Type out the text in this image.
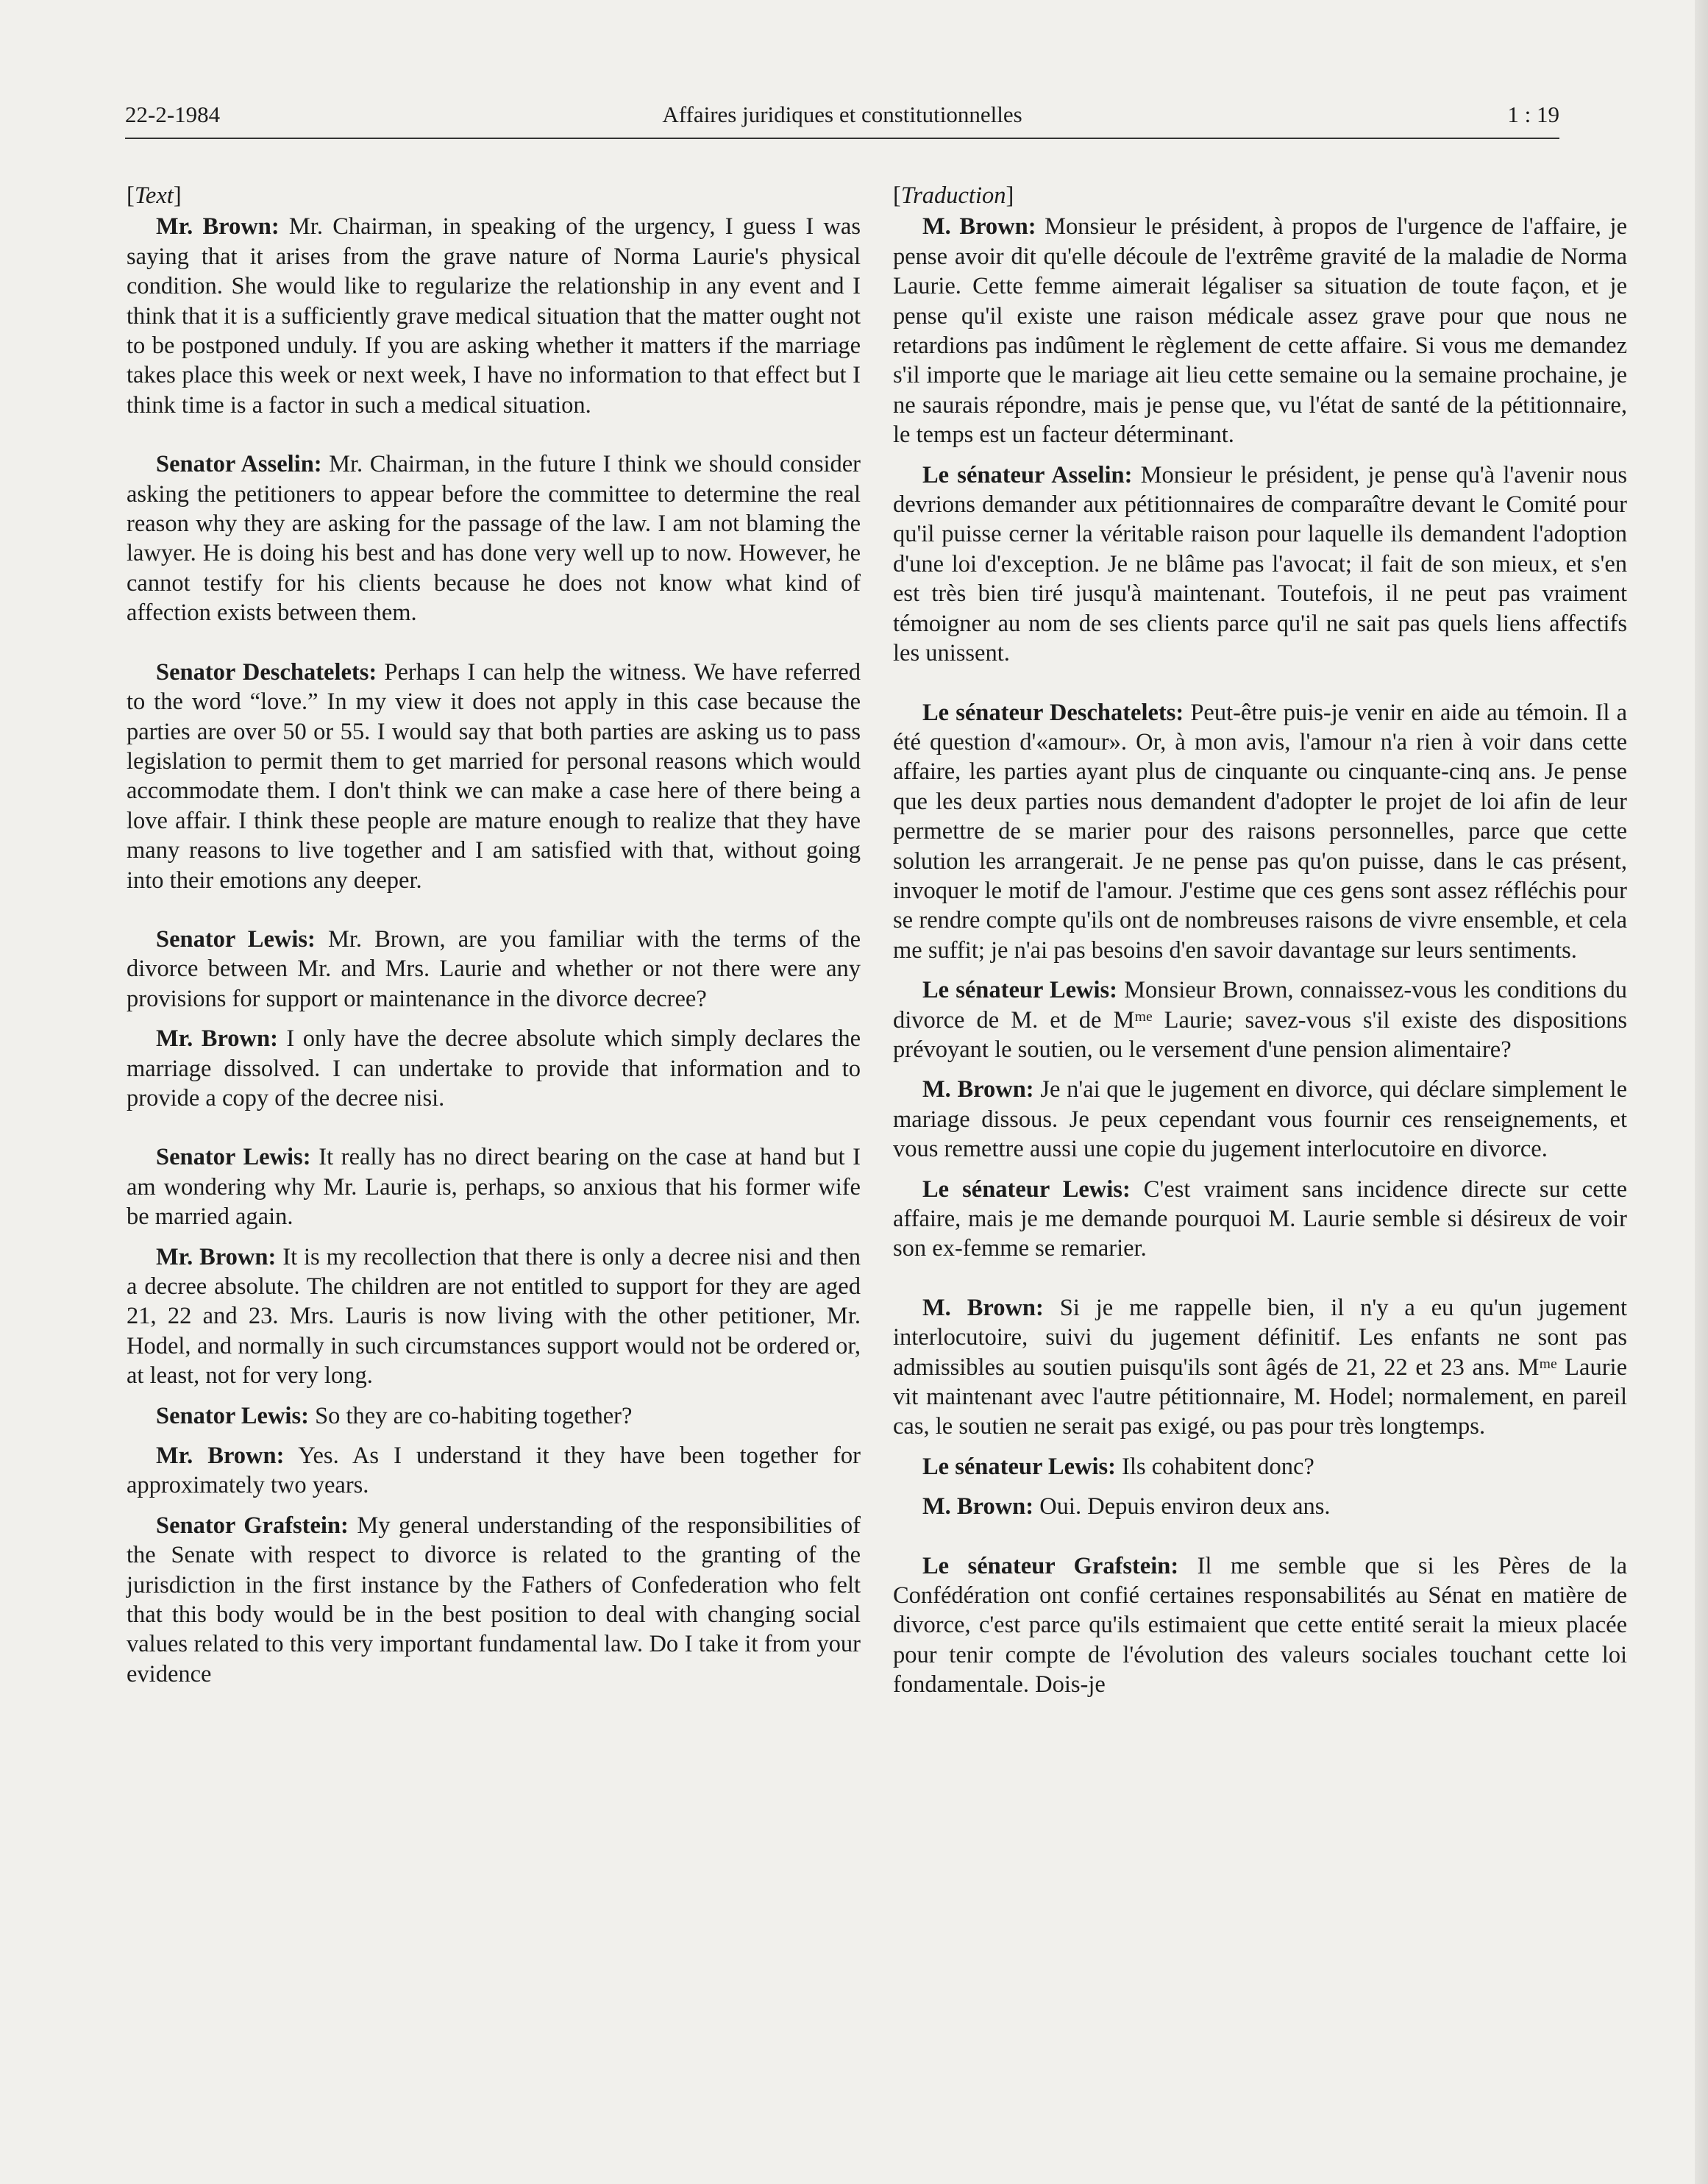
22-2-1984	Affaires juridiques et constitutionnelles	1 : 19
[Text]

Mr. Brown: Mr. Chairman, in speaking of the urgency, I guess I was saying that it arises from the grave nature of Norma Laurie's physical condition. She would like to regularize the relationship in any event and I think that it is a sufficiently grave medical situation that the matter ought not to be postponed unduly. If you are asking whether it matters if the marriage takes place this week or next week, I have no information to that effect but I think time is a factor in such a medical situation.

Senator Asselin: Mr. Chairman, in the future I think we should consider asking the petitioners to appear before the committee to determine the real reason why they are asking for the passage of the law. I am not blaming the lawyer. He is doing his best and has done very well up to now. However, he cannot testify for his clients because he does not know what kind of affection exists between them.

Senator Deschatelets: Perhaps I can help the witness. We have referred to the word “love.” In my view it does not apply in this case because the parties are over 50 or 55. I would say that both parties are asking us to pass legislation to permit them to get married for personal reasons which would accommodate them. I don't think we can make a case here of there being a love affair. I think these people are mature enough to realize that they have many reasons to live together and I am satisfied with that, without going into their emotions any deeper.

Senator Lewis: Mr. Brown, are you familiar with the terms of the divorce between Mr. and Mrs. Laurie and whether or not there were any provisions for support or maintenance in the divorce decree?

Mr. Brown: I only have the decree absolute which simply declares the marriage dissolved. I can undertake to provide that information and to provide a copy of the decree nisi.

Senator Lewis: It really has no direct bearing on the case at hand but I am wondering why Mr. Laurie is, perhaps, so anxious that his former wife be married again.

Mr. Brown: It is my recollection that there is only a decree nisi and then a decree absolute. The children are not entitled to support for they are aged 21, 22 and 23. Mrs. Lauris is now living with the other petitioner, Mr. Hodel, and normally in such circumstances support would not be ordered or, at least, not for very long.

Senator Lewis: So they are co-habiting together?

Mr. Brown: Yes. As I understand it they have been together for approximately two years.

Senator Grafstein: My general understanding of the responsibilities of the Senate with respect to divorce is related to the granting of the jurisdiction in the first instance by the Fathers of Confederation who felt that this body would be in the best position to deal with changing social values related to this very important fundamental law. Do I take it from your evidence

[Traduction]

M. Brown: Monsieur le président, à propos de l'urgence de l'affaire, je pense avoir dit qu'elle découle de l'extrême gravité de la maladie de Norma Laurie. Cette femme aimerait légaliser sa situation de toute façon, et je pense qu'il existe une raison médicale assez grave pour que nous ne retardions pas indûment le règlement de cette affaire. Si vous me demandez s'il importe que le mariage ait lieu cette semaine ou la semaine prochaine, je ne saurais répondre, mais je pense que, vu l'état de santé de la pétitionnaire, le temps est un facteur déterminant.

Le sénateur Asselin: Monsieur le président, je pense qu'à l'avenir nous devrions demander aux pétitionnaires de comparaître devant le Comité pour qu'il puisse cerner la véritable raison pour laquelle ils demandent l'adoption d'une loi d'exception. Je ne blâme pas l'avocat; il fait de son mieux, et s'en est très bien tiré jusqu'à maintenant. Toutefois, il ne peut pas vraiment témoigner au nom de ses clients parce qu'il ne sait pas quels liens affectifs les unissent.

Le sénateur Deschatelets: Peut-être puis-je venir en aide au témoin. Il a été question d'«amour». Or, à mon avis, l'amour n'a rien à voir dans cette affaire, les parties ayant plus de cinquante ou cinquante-cinq ans. Je pense que les deux parties nous demandent d'adopter le projet de loi afin de leur permettre de se marier pour des raisons personnelles, parce que cette solution les arrangerait. Je ne pense pas qu'on puisse, dans le cas présent, invoquer le motif de l'amour. J'estime que ces gens sont assez réfléchis pour se rendre compte qu'ils ont de nombreuses raisons de vivre ensemble, et cela me suffit; je n'ai pas besoins d'en savoir davantage sur leurs sentiments.

Le sénateur Lewis: Monsieur Brown, connaissez-vous les conditions du divorce de M. et de Mᵐᵉ Laurie; savez-vous s'il existe des dispositions prévoyant le soutien, ou le versement d'une pension alimentaire?

M. Brown: Je n'ai que le jugement en divorce, qui déclare simplement le mariage dissous. Je peux cependant vous fournir ces renseignements, et vous remettre aussi une copie du jugement interlocutoire en divorce.

Le sénateur Lewis: C'est vraiment sans incidence directe sur cette affaire, mais je me demande pourquoi M. Laurie semble si désireux de voir son ex-femme se remarier.

M. Brown: Si je me rappelle bien, il n'y a eu qu'un jugement interlocutoire, suivi du jugement définitif. Les enfants ne sont pas admissibles au soutien puisqu'ils sont âgés de 21, 22 et 23 ans. Mᵐᵉ Laurie vit maintenant avec l'autre pétitionnaire, M. Hodel; normalement, en pareil cas, le soutien ne serait pas exigé, ou pas pour très longtemps.

Le sénateur Lewis: Ils cohabitent donc?

M. Brown: Oui. Depuis environ deux ans.

Le sénateur Grafstein: Il me semble que si les Pères de la Confédération ont confié certaines responsabilités au Sénat en matière de divorce, c'est parce qu'ils estimaient que cette entité serait la mieux placée pour tenir compte de l'évolution des valeurs sociales touchant cette loi fondamentale. Dois-je
